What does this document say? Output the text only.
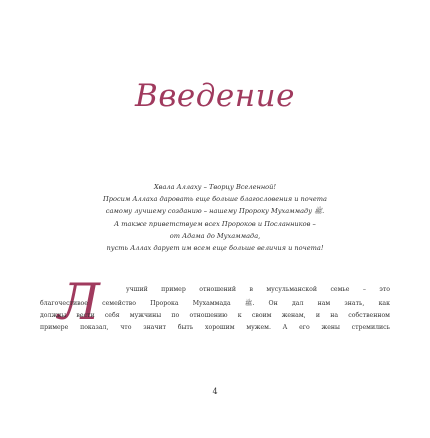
Введение
Хвала Аллаху – Творцу Вселенной!
Просим Аллаха даровать еще больше благословения и почета
самому лучшему созданию – нашему Пророку Мухаммаду ﷺ.
А также приветствуем всех Пророков и Посланников –
от Адама до Мухаммада,
пусть Аллах дарует им всем еще больше величия и почета!
Л	учший пример отношений в мусульманской семье – это
благочестивое семейство Пророка Мухаммада ﷺ. Он дал нам знать, как
должны вести себя мужчины по отношению к своим женам, и на собственном
примере показал, что значит быть хорошим мужем. А его жены стремились
4
